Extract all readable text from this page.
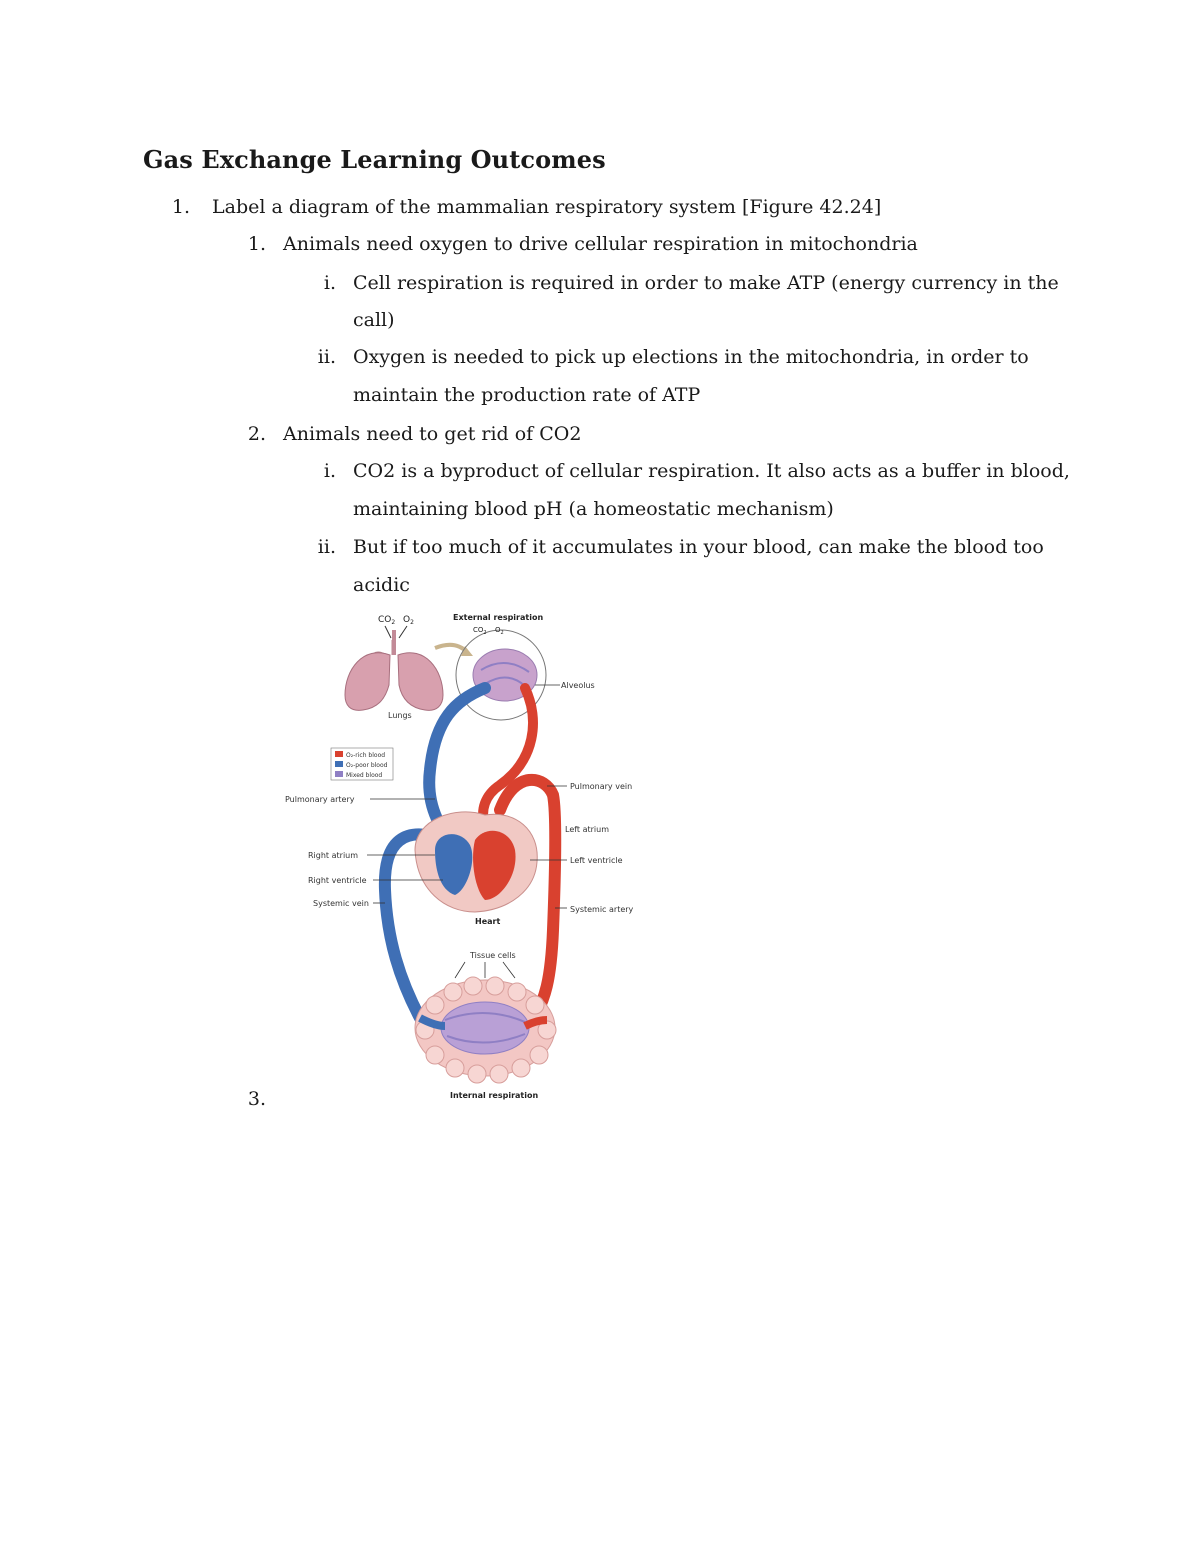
Gas Exchange Learning Outcomes
1. Label a diagram of the mammalian respiratory system [Figure 42.24]
1. Animals need oxygen to drive cellular respiration in mitochondria
i. Cell respiration is required in order to make ATP (energy currency in the
call)
ii. Oxygen is needed to pick up elections in the mitochondria, in order to
maintain the production rate of ATP
2. Animals need to get rid of CO2
i. CO2 is a byproduct of cellular respiration. It also acts as a buffer in blood,
maintaining blood pH (a homeostatic mechanism)
ii. But if too much of it accumulates in your blood, can make the blood too
acidic
3.
$CO_2$ $O_2$
Lungs
External respiration
$CO_2$ $O_2$
Alveolus
O₂-rich blood
O₂-poor blood
Mixed blood
Heart
Pulmonary artery
Pulmonary vein
Left atrium
Left ventricle
Right atrium
Right ventricle
Systemic vein
Systemic artery
Tissue cells
Internal respiration
